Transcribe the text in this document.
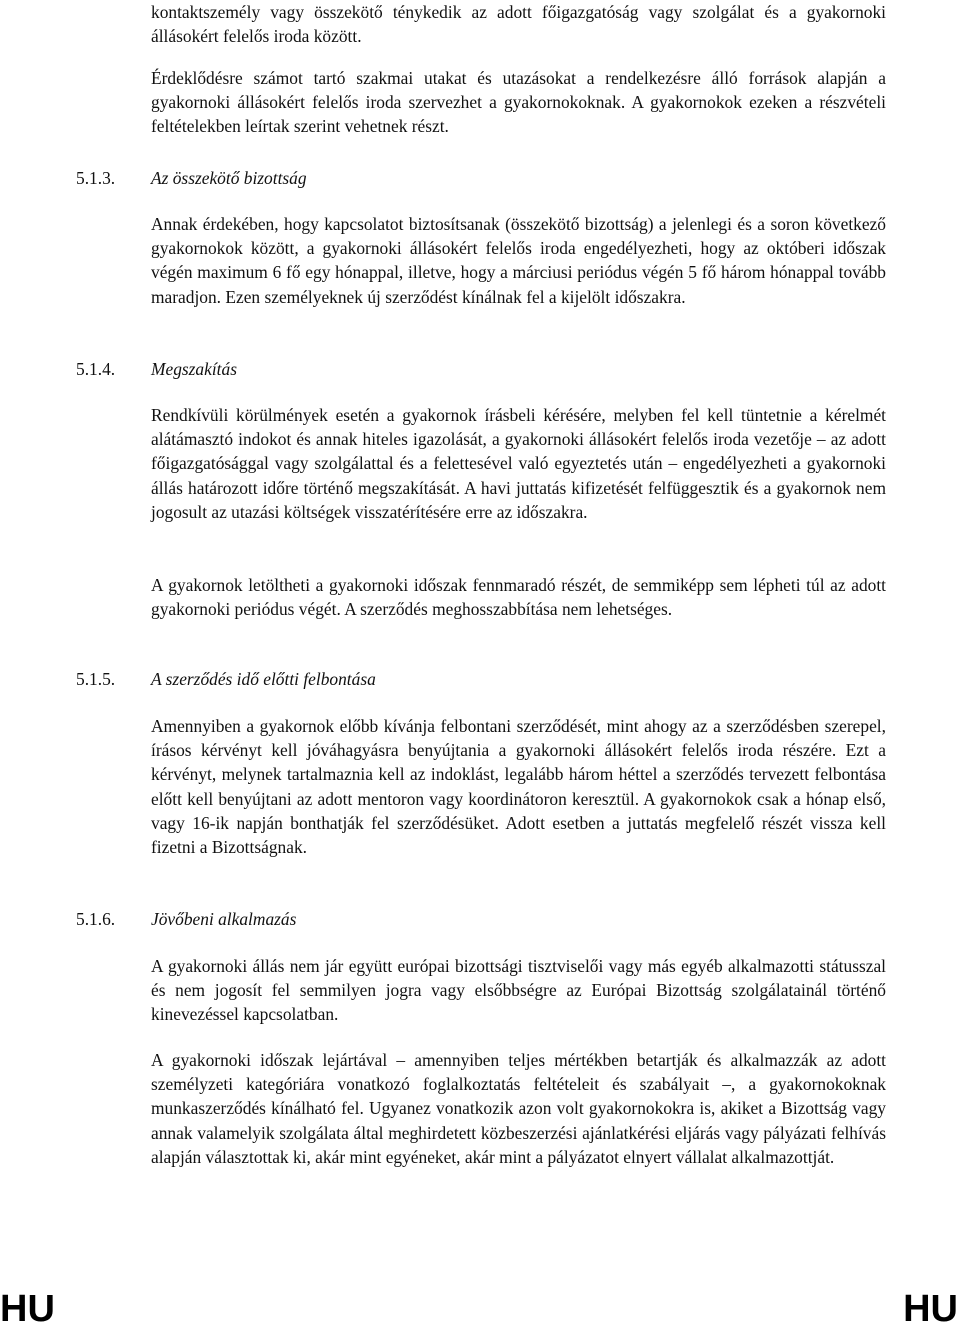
kontaktszemély vagy összekötő ténykedik az adott főigazgatóság vagy szolgálat és a gyakornoki állásokért felelős iroda között.

Érdeklődésre számot tartó szakmai utakat és utazásokat a rendelkezésre álló források alapján a gyakornoki állásokért felelős iroda szervezhet a gyakornokoknak. A gyakornokok ezeken a részvételi feltételekben leírtak szerint vehetnek részt.

5.1.3.	Az összekötő bizottság

Annak érdekében, hogy kapcsolatot biztosítsanak (összekötő bizottság) a jelenlegi és a soron következő gyakornokok között, a gyakornoki állásokért felelős iroda engedélyezheti, hogy az októberi időszak végén maximum 6 fő egy hónappal, illetve, hogy a márciusi periódus végén 5 fő három hónappal tovább maradjon. Ezen személyeknek új szerződést kínálnak fel a kijelölt időszakra.

5.1.4.	Megszakítás

Rendkívüli körülmények esetén a gyakornok írásbeli kérésére, melyben fel kell tüntetnie a kérelmét alátámasztó indokot és annak hiteles igazolását, a gyakornoki állásokért felelős iroda vezetője – az adott főigazgatósággal vagy szolgálattal és a felettesével való egyeztetés után – engedélyezheti a gyakornoki állás határozott időre történő megszakítását. A havi juttatás kifizetését felfüggesztik és a gyakornok nem jogosult az utazási költségek visszatérítésére erre az időszakra.

A gyakornok letöltheti a gyakornoki időszak fennmaradó részét, de semmiképp sem lépheti túl az adott gyakornoki periódus végét. A szerződés meghosszabbítása nem lehetséges.

5.1.5.	A szerződés idő előtti felbontása

Amennyiben a gyakornok előbb kívánja felbontani szerződését, mint ahogy az a szerződésben szerepel, írásos kérvényt kell jóváhagyásra benyújtania a gyakornoki állásokért felelős iroda részére. Ezt a kérvényt, melynek tartalmaznia kell az indoklást, legalább három héttel a szerződés tervezett felbontása előtt kell benyújtani az adott mentoron vagy koordinátoron keresztül. A gyakornokok csak a hónap első, vagy 16-ik napján bonthatják fel szerződésüket. Adott esetben a juttatás megfelelő részét vissza kell fizetni a Bizottságnak.

5.1.6.	Jövőbeni alkalmazás

A gyakornoki állás nem jár együtt európai bizottsági tisztviselői vagy más egyéb alkalmazotti státusszal és nem jogosít fel semmilyen jogra vagy elsőbbségre az Európai Bizottság szolgálatainál történő kinevezéssel kapcsolatban.

A gyakornoki időszak lejártával – amennyiben teljes mértékben betartják és alkalmazzák az adott személyzeti kategóriára vonatkozó foglalkoztatás feltételeit és szabályait –, a gyakornokoknak munkaszerződés kínálható fel. Ugyanez vonatkozik azon volt gyakornokokra is, akiket a Bizottság vagy annak valamelyik szolgálata által meghirdetett közbeszerzési ajánlatkérési eljárás vagy pályázati felhívás alapján választottak ki, akár mint egyéneket, akár mint a pályázatot elnyert vállalat alkalmazottját.

HU	HU
